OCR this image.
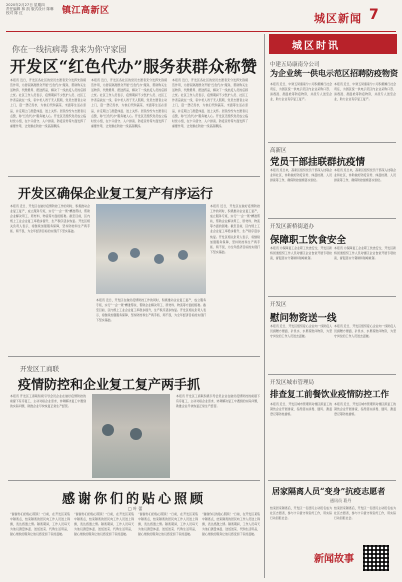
2020年2月27日 星期四
责任编辑 林 凯 版式设计 陈琳
校对 陈 红	镇江高新区
城区新闻 7
你在一线抗病毒 我来为你守家园
开发区“红色代办”服务获群众称赞
本报讯 近日，开发区各社区的党员志愿者充分发挥先锋模范作用，为居家隔离群众开展“红色代办”服务，帮助购买生活物资、代缴费用、配送药品，解决了一线抗疫人员的后顾之忧。社区工作人员表示，疫情期间不少医护人员、社区工作者奋战在一线，家中老人孩子无人照顾，党员志愿者主动上门，逐一登记需求，为他们代购蔬菜、米面等生活必需品，并定期上门测量体温、送上关怀。居民纷纷为志愿者们点赞，称“红色代办”服务暖人心。开发区还组织党员成立临时党小组，在卡口值守、入户排查、防疫宣传等方面发挥了重要作用，让党旗在防控一线高高飘扬。
本报讯 近日，开发区各社区的党员志愿者充分发挥先锋模范作用，为居家隔离群众开展“红色代办”服务，帮助购买生活物资、代缴费用、配送药品，解决了一线抗疫人员的后顾之忧。社区工作人员表示，疫情期间不少医护人员、社区工作者奋战在一线，家中老人孩子无人照顾，党员志愿者主动上门，逐一登记需求，为他们代购蔬菜、米面等生活必需品，并定期上门测量体温、送上关怀。居民纷纷为志愿者们点赞，称“红色代办”服务暖人心。开发区还组织党员成立临时党小组，在卡口值守、入户排查、防疫宣传等方面发挥了重要作用，让党旗在防控一线高高飘扬。
本报讯 近日，开发区各社区的党员志愿者充分发挥先锋模范作用，为居家隔离群众开展“红色代办”服务，帮助购买生活物资、代缴费用、配送药品，解决了一线抗疫人员的后顾之忧。社区工作人员表示，疫情期间不少医护人员、社区工作者奋战在一线，家中老人孩子无人照顾，党员志愿者主动上门，逐一登记需求，为他们代购蔬菜、米面等生活必需品，并定期上门测量体温、送上关怀。居民纷纷为志愿者们点赞，称“红色代办”服务暖人心。开发区还组织党员成立临时党小组，在卡口值守、入户排查、防疫宣传等方面发挥了重要作用，让党旗在防控一线高高飘扬。
城区时讯
中建五局康南分公司
为企业统一供电示范区招聘防疫物资
本报讯 近日，中建五局康南分公司积极履行社会责任，为园区统一供电示范区内企业采购口罩、消毒液、测温枪等防疫物资，并派专人送至企业，助力企业有序复工复产。
本报讯 近日，中建五局康南分公司积极履行社会责任，为园区统一供电示范区内企业采购口罩、消毒液、测温枪等防疫物资，并派专人送至企业，助力企业有序复工复产。
高新区
党员干部挂联群抗疫情
本报讯 连日来，高新区组织党员干部深入挂联企业和社区，协助做好防疫宣传、体温检测、人员排查等工作，确保防控措施落实到位。
本报讯 连日来，高新区组织党员干部深入挂联企业和社区，协助做好防疫宣传、体温检测、人员排查等工作，确保防控措施落实到位。
开发区新桥街道办
保障职工饮食安全
本报讯 为保障复工企业职工饮食安全，开发区新桥街道组织工作人员对辖区企业食堂开展专项检查，督促落实分餐制和错峰就餐。
本报讯 为保障复工企业职工饮食安全，开发区新桥街道组织工作人员对辖区企业食堂开展专项检查，督促落实分餐制和错峰就餐。
开发区
慰问物资送一线
本报讯 近日，开发区组织爱心企业向一线防疫人员捐赠方便面、矿泉水、水果等慰问物资，为坚守岗位的工作人员送去温暖。
本报讯 近日，开发区组织爱心企业向一线防疫人员捐赠方便面、矿泉水、水果等慰问物资，为坚守岗位的工作人员送去温暖。
开发区城市管理局
排查复工前餐饮业疫情防控工作
本报讯 近日，开发区城市管理局对辖区拟复工的餐饮企业开展排查，指导落实消毒、通风、测温登记等防控措施。
本报讯 近日，开发区城市管理局对辖区拟复工的餐饮企业开展排查，指导落实消毒、通风、测温登记等防控措施。
开发区确保企业复工复产有序运行
本报讯 近日，开发区在做好疫情防控工作的同时，积极推动企业复工复产，成立服务专班，实行“一企一策”精准帮扶，帮助企业解决用工、原材料、物流等方面的困难。截至目前，区内规上工业企业复工率稳步提升，生产秩序逐步恢复。开发区相关负责人表示，将继续加强服务保障，坚持防控和生产两手抓、两不误，为全年经济目标的实现打下坚实基础。
本报讯 近日，开发区在做好疫情防控工作的同时，积极推动企业复工复产，成立服务专班，实行“一企一策”精准帮扶，帮助企业解决用工、原材料、物流等方面的困难。截至目前，区内规上工业企业复工率稳步提升，生产秩序逐步恢复。开发区相关负责人表示，将继续加强服务保障，坚持防控和生产两手抓、两不误，为全年经济目标的实现打下坚实基础。
本报讯 近日，开发区在做好疫情防控工作的同时，积极推动企业复工复产，成立服务专班，实行“一企一策”精准帮扶，帮助企业解决用工、原材料、物流等方面的困难。截至目前，区内规上工业企业复工率稳步提升，生产秩序逐步恢复。开发区相关负责人表示，将继续加强服务保障，坚持防控和生产两手抓、两不误，为全年经济目标的实现打下坚实基础。
开发区工商联
疫情防控和企业复工复产两手抓
本报讯 开发区工商联积极引导会员企业在做好疫情防控的前提下有序复工，主动对接企业需求，协调解决复工中遇到的实际问题，助推企业尽快恢复正常生产经营。
本报讯 开发区工商联积极引导会员企业在做好疫情防控的前提下有序复工，主动对接企业需求，协调解决复工中遇到的实际问题，助推企业尽快恢复正常生产经营。
感谢你们的贴心照顾
□ 叶 蕾
“谢谢你们的贴心照顾！”日前，在开发区某集中隔离点，结束隔离的居民向工作人员送上锦旗，表达感激之情。隔离期间，工作人员每天为他们测量体温、送饭送菜、代购生活用品，耐心细致的服务让他们感受到了家的温暖。
“谢谢你们的贴心照顾！”日前，在开发区某集中隔离点，结束隔离的居民向工作人员送上锦旗，表达感激之情。隔离期间，工作人员每天为他们测量体温、送饭送菜、代购生活用品，耐心细致的服务让他们感受到了家的温暖。
“谢谢你们的贴心照顾！”日前，在开发区某集中隔离点，结束隔离的居民向工作人员送上锦旗，表达感激之情。隔离期间，工作人员每天为他们测量体温、送饭送菜、代购生活用品，耐心细致的服务让他们感受到了家的温暖。
“谢谢你们的贴心照顾！”日前，在开发区某集中隔离点，结束隔离的居民向工作人员送上锦旗，表达感激之情。隔离期间，工作人员每天为他们测量体温、送饭送菜、代购生活用品，耐心细致的服务让他们感受到了家的温暖。
居家隔离人员“变身”抗疫志愿者
通讯员 葛丹
结束居家隔离后，开发区一名居民主动报名成为社区志愿者，参与卡口值守和宣传工作，用实际行动回报社会。
结束居家隔离后，开发区一名居民主动报名成为社区志愿者，参与卡口值守和宣传工作，用实际行动回报社会。
新闻故事
